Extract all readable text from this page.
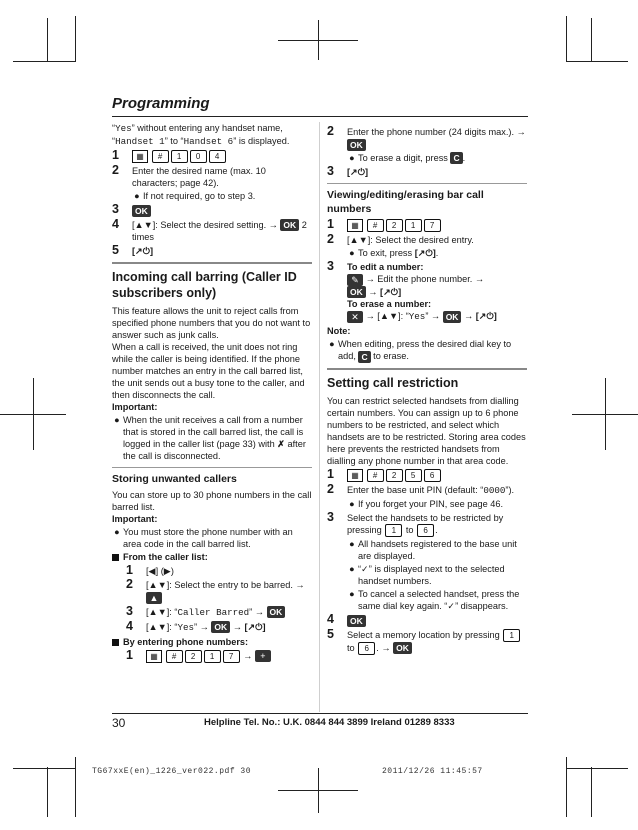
Programming

“Yes” without entering any handset name, “Handset 1” to “Handset 6” is displayed.

1 ▦ # 1 0 4
2 Enter the desired name (max. 10 characters; page 42).
● If not required, go to step 3.
3 OK
4 [▲▼]: Select the desired setting. → OK 2 times
5 [↗⏻]
Incoming call barring (Caller ID subscribers only)

This feature allows the unit to reject calls from specified phone numbers that you do not want to answer such as junk calls.

When a call is received, the unit does not ring while the caller is being identified. If the phone number matches an entry in the call barred list, the unit sends out a busy tone to the caller, and then disconnects the call.

Important:

● When the unit receives a call from a number that is stored in the call barred list, the call is logged in the caller list (page 33) with ✗ after the call is disconnected.
Storing unwanted callers

You can store up to 30 phone numbers in the call barred list.

Important:

● You must store the phone number with an area code in the call barred list.

From the caller list:

1 [◀] (▶)
2 [▲▼]: Select the entry to be barred. → ▲
3 [▲▼]: “Caller Barred” → OK
4 [▲▼]: “Yes” → OK → [↗⏻]

By entering phone numbers:

1 ▦ # 2 1 7 → +
2 Enter the phone number (24 digits max.). → OK
● To erase a digit, press C .
3 [↗⏻]
Viewing/editing/erasing bar call numbers
1 ▦ # 2 1 7
2 [▲▼]: Select the desired entry.
● To exit, press [↗⏻].
3 To edit a number:
✎ → Edit the phone number. →
OK → [↗⏻]
To erase a number:
✕ → [▲▼]: “Yes” → OK → [↗⏻]

Note:

● When editing, press the desired dial key to add, C to erase.
Setting call restriction

You can restrict selected handsets from dialling certain numbers. You can assign up to 6 phone numbers to be restricted, and select which handsets are to be restricted. Storing area codes here prevents the restricted handsets from dialling any phone number in that area code.

1 ▦ # 2 5 6
2 Enter the base unit PIN (default: “0000”).
● If you forget your PIN, see page 46.
3 Select the handsets to be restricted by pressing 1 to 6 .
● All handsets registered to the base unit are displayed.
● “✓” is displayed next to the selected handset numbers.
● To cancel a selected handset, press the same dial key again. “✓” disappears.
4 OK
5 Select a memory location by pressing 1 to 6 . → OK
30	Helpline Tel. No.: U.K. 0844 844 3899 Ireland 01289 8333
TG67xxE(en)_1226_ver022.pdf 30	2011/12/26 11:45:57
